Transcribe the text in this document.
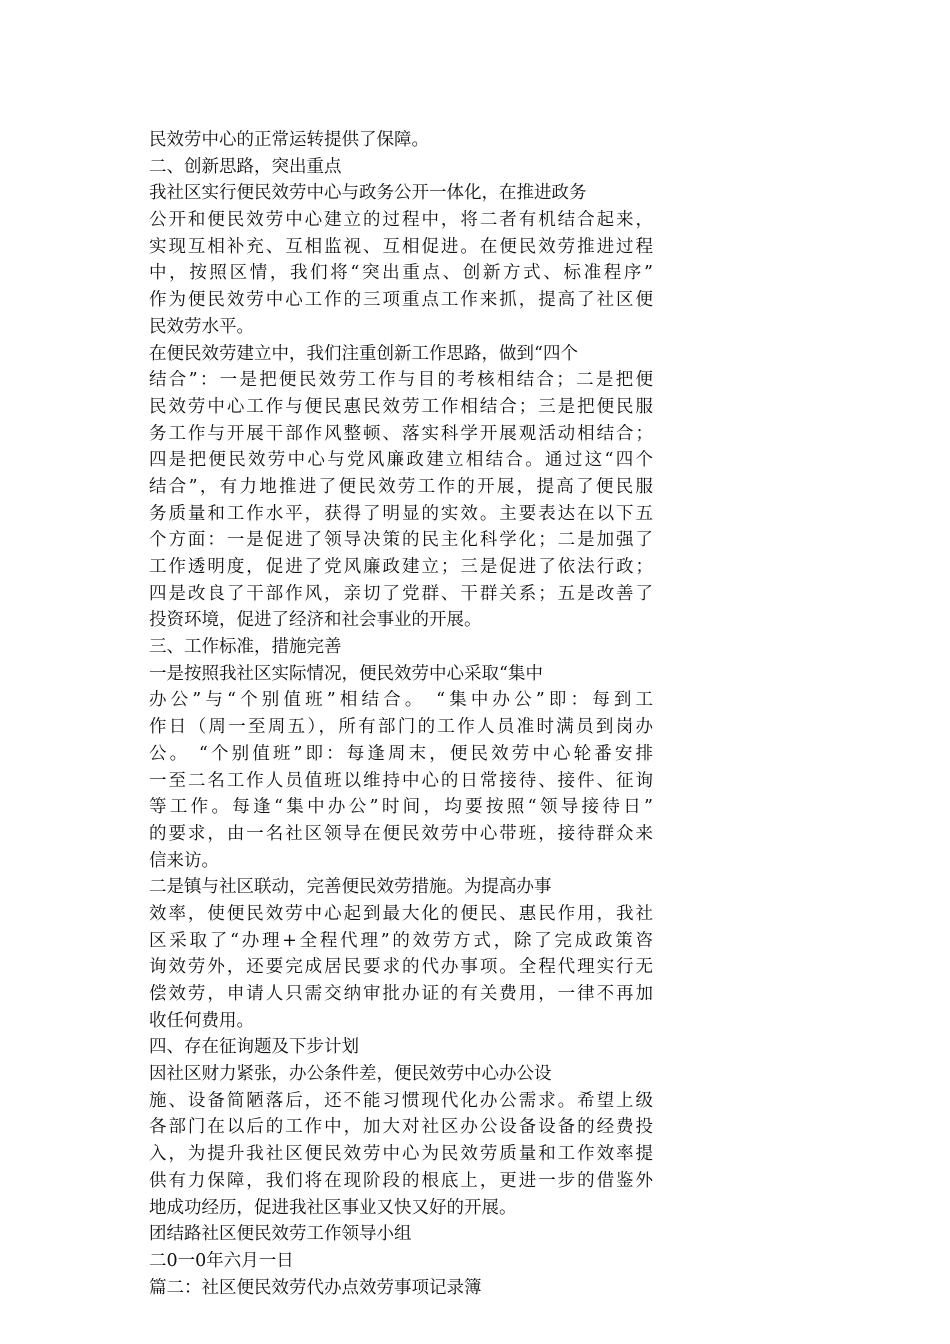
民效劳中心的正常运转提供了保障。
二、创新思路，突出重点
我社区实行便民效劳中心与政务公开一体化，在推进政务
公开和便民效劳中心建立的过程中，将二者有机结合起来，
实现互相补充、互相监视、互相促进。在便民效劳推进过程
中，按照区情，我们将“突出重点、创新方式、标准程序”
作为便民效劳中心工作的三项重点工作来抓，提高了社区便
民效劳水平。
在便民效劳建立中，我们注重创新工作思路，做到“四个
结合”：一是把便民效劳工作与目的考核相结合；二是把便
民效劳中心工作与便民惠民效劳工作相结合；三是把便民服
务工作与开展干部作风整顿、落实科学开展观活动相结合；
四是把便民效劳中心与党风廉政建立相结合。通过这“四个
结合”，有力地推进了便民效劳工作的开展，提高了便民服
务质量和工作水平，获得了明显的实效。主要表达在以下五
个方面：一是促进了领导决策的民主化科学化；二是加强了
工作透明度，促进了党风廉政建立；三是促进了依法行政；
四是改良了干部作风，亲切了党群、干群关系；五是改善了
投资环境，促进了经济和社会事业的开展。
三、工作标准，措施完善
一是按照我社区实际情况，便民效劳中心采取“集中
办公”与“个别值班”相结合。 “集中办公”即：每到工
作日（周一至周五），所有部门的工作人员准时满员到岗办
公。 “个别值班”即：每逢周末，便民效劳中心轮番安排
一至二名工作人员值班以维持中心的日常接待、接件、征询
等工作。每逢“集中办公”时间，均要按照“领导接待日”
的要求，由一名社区领导在便民效劳中心带班，接待群众来
信来访。
二是镇与社区联动，完善便民效劳措施。为提高办事
效率，使便民效劳中心起到最大化的便民、惠民作用，我社
区采取了“办理+全程代理”的效劳方式，除了完成政策咨
询效劳外，还要完成居民要求的代办事项。全程代理实行无
偿效劳，申请人只需交纳审批办证的有关费用，一律不再加
收任何费用。
四、存在征询题及下步计划
因社区财力紧张，办公条件差，便民效劳中心办公设
施、设备简陋落后，还不能习惯现代化办公需求。希望上级
各部门在以后的工作中，加大对社区办公设备设备的经费投
入，为提升我社区便民效劳中心为民效劳质量和工作效率提
供有力保障，我们将在现阶段的根底上，更进一步的借鉴外
地成功经历，促进我社区事业又快又好的开展。
团结路社区便民效劳工作领导小组
二0一0年六月一日
篇二：社区便民效劳代办点效劳事项记录簿
